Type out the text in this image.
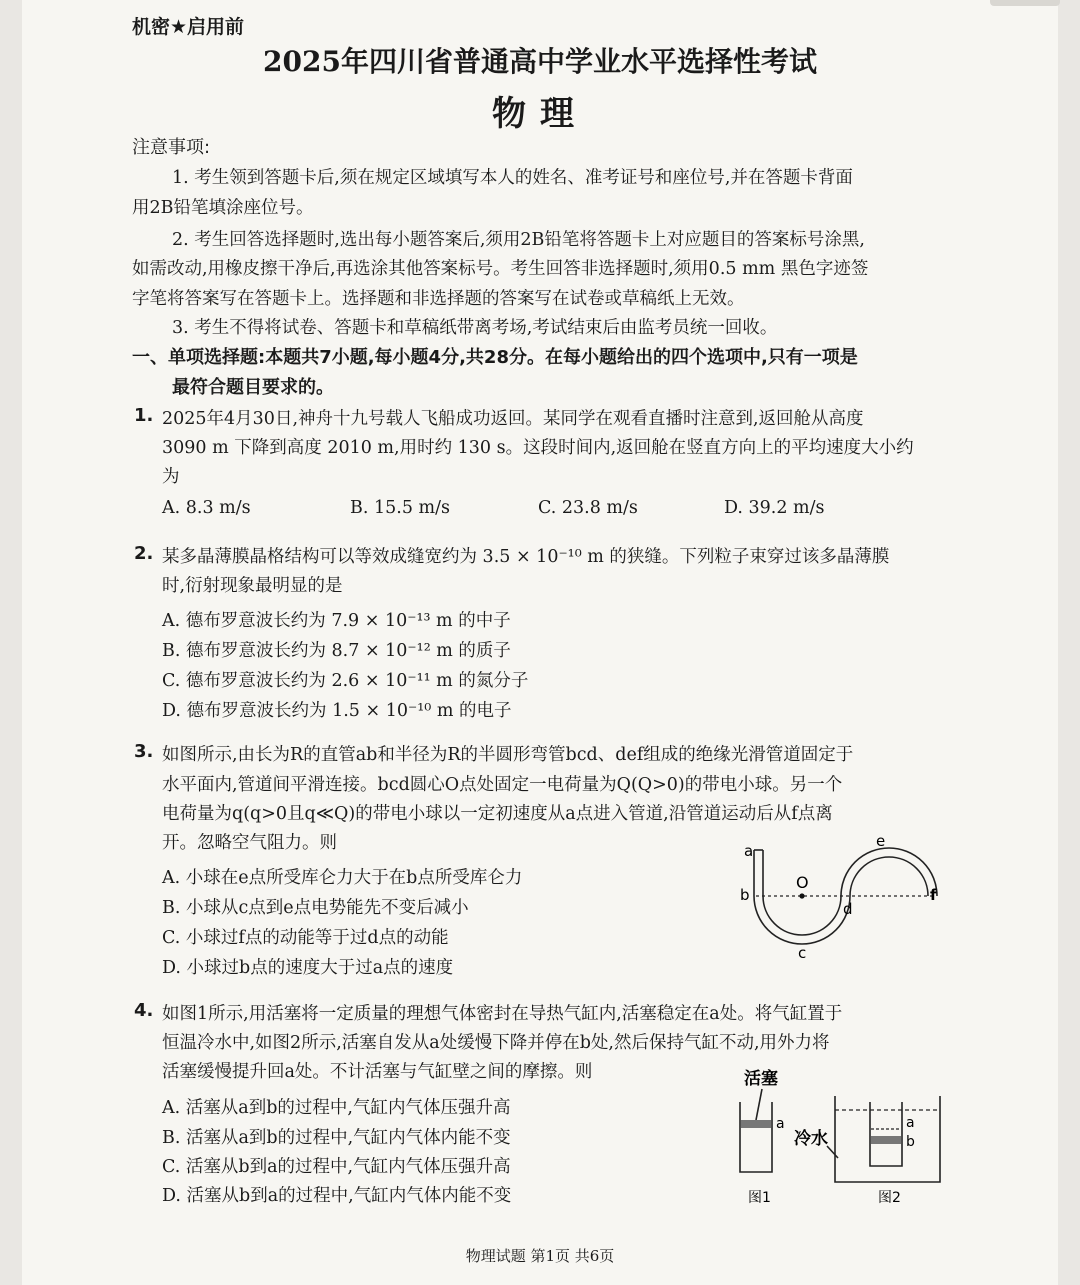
机密★启用前
2025年四川省普通高中学业水平选择性考试
物理
注意事项:
1. 考生领到答题卡后,须在规定区域填写本人的姓名、准考证号和座位号,并在答题卡背面
用2B铅笔填涂座位号。
2. 考生回答选择题时,选出每小题答案后,须用2B铅笔将答题卡上对应题目的答案标号涂黑,
如需改动,用橡皮擦干净后,再选涂其他答案标号。考生回答非选择题时,须用0.5 mm 黑色字迹签
字笔将答案写在答题卡上。选择题和非选择题的答案写在试卷或草稿纸上无效。
3. 考生不得将试卷、答题卡和草稿纸带离考场,考试结束后由监考员统一回收。
一、单项选择题:本题共7小题,每小题4分,共28分。在每小题给出的四个选项中,只有一项是
最符合题目要求的。
1. 2025年4月30日,神舟十九号载人飞船成功返回。某同学在观看直播时注意到,返回舱从高度
3090 m 下降到高度 2010 m,用时约 130 s。这段时间内,返回舱在竖直方向上的平均速度大小约
为
A. 8.3 m/s	B. 15.5 m/s	C. 23.8 m/s	D. 39.2 m/s
2. 某多晶薄膜晶格结构可以等效成缝宽约为 3.5 × 10⁻¹⁰ m 的狭缝。下列粒子束穿过该多晶薄膜
时,衍射现象最明显的是
A. 德布罗意波长约为 7.9 × 10⁻¹³ m 的中子
B. 德布罗意波长约为 8.7 × 10⁻¹² m 的质子
C. 德布罗意波长约为 2.6 × 10⁻¹¹ m 的氮分子
D. 德布罗意波长约为 1.5 × 10⁻¹⁰ m 的电子
3. 如图所示,由长为R的直管ab和半径为R的半圆形弯管bcd、def组成的绝缘光滑管道固定于
水平面内,管道间平滑连接。bcd圆心O点处固定一电荷量为Q(Q>0)的带电小球。另一个
电荷量为q(q>0且q≪Q)的带电小球以一定初速度从a点进入管道,沿管道运动后从f点离
开。忽略空气阻力。则
A. 小球在e点所受库仑力大于在b点所受库仑力
B. 小球从c点到e点电势能先不变后减小
C. 小球过f点的动能等于过d点的动能
D. 小球过b点的速度大于过a点的速度
a
b
O
c
d
e
f
4. 如图1所示,用活塞将一定质量的理想气体密封在导热气缸内,活塞稳定在a处。将气缸置于
恒温冷水中,如图2所示,活塞自发从a处缓慢下降并停在b处,然后保持气缸不动,用外力将
活塞缓慢提升回a处。不计活塞与气缸壁之间的摩擦。则
A. 活塞从a到b的过程中,气缸内气体压强升高
B. 活塞从a到b的过程中,气缸内气体内能不变
C. 活塞从b到a的过程中,气缸内气体压强升高
D. 活塞从b到a的过程中,气缸内气体内能不变
活塞
a
图1
a
b
冷水
图2
物理试题 第1页 共6页
